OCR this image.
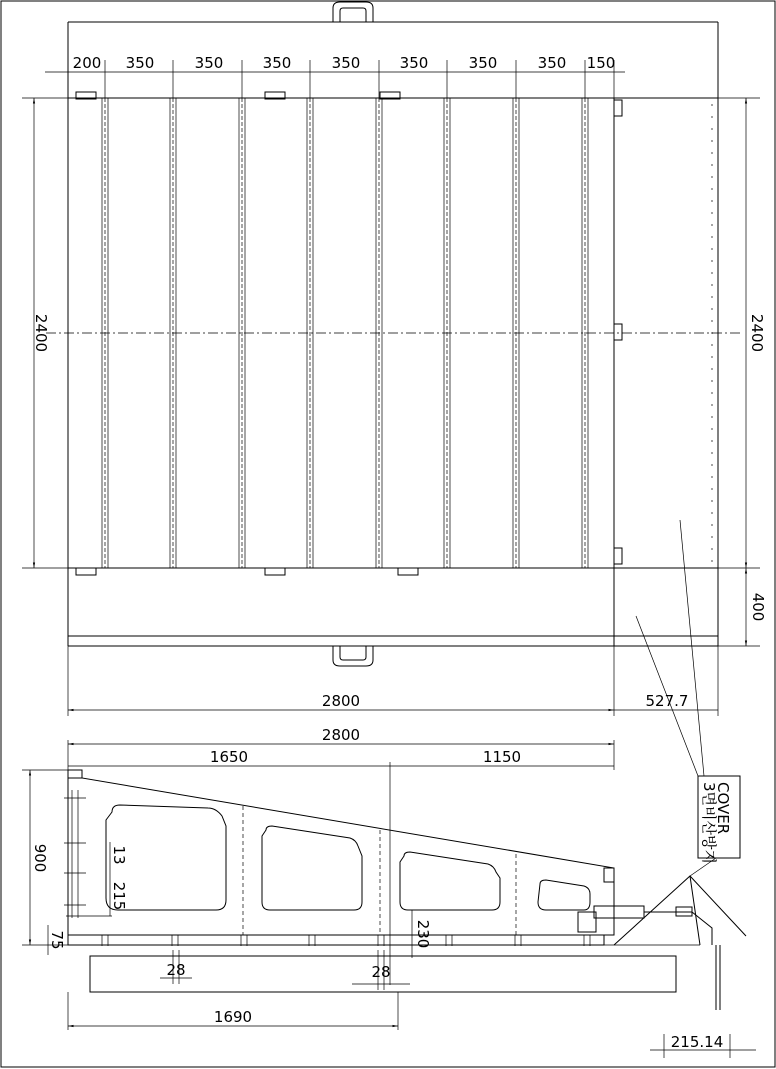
200 350	350	350	350	350	350	350 150
2400	2400
400
2800	527.7
2800
1650	1150
900
75
13
215
230
28	28
1690
215.14
3면비산방지
COVER
